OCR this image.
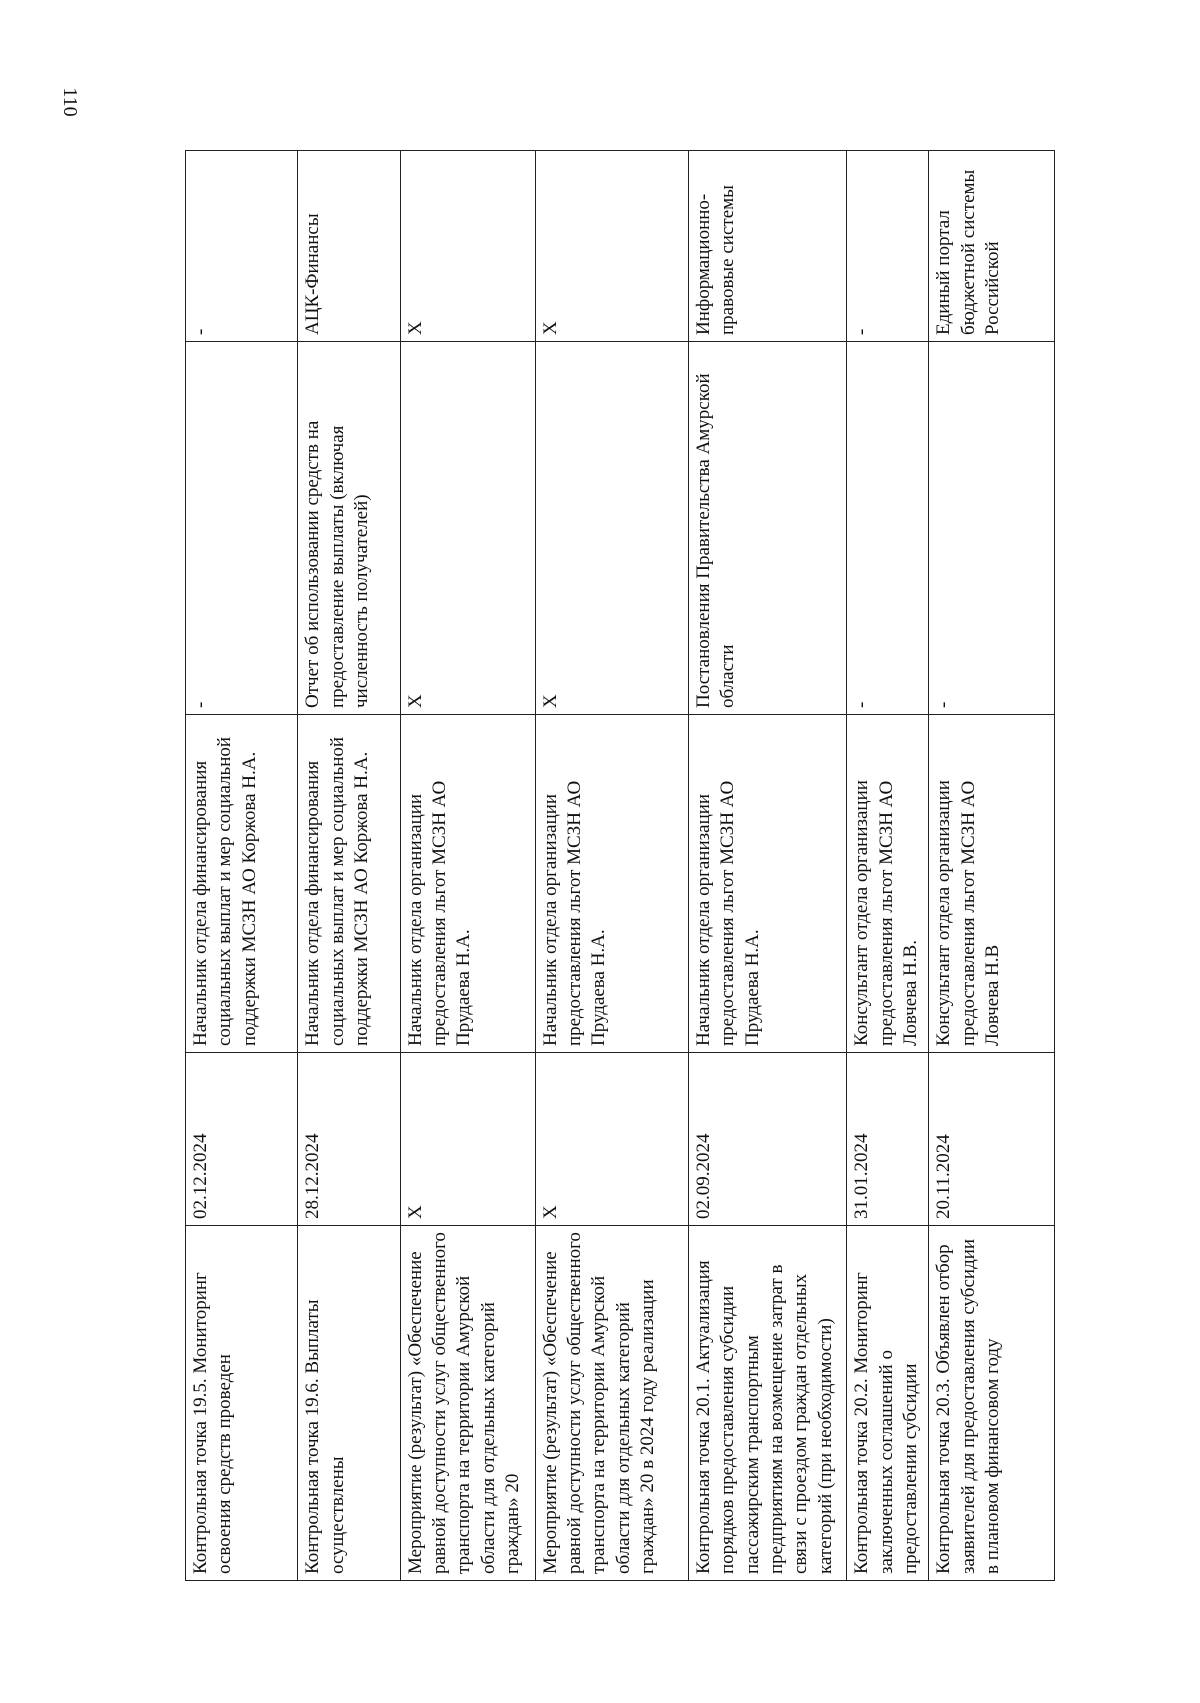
110
Контрольная точка 19.5. Мониторинг освоения средств проведен	02.12.2024	Начальник отдела финансирования социальных выплат и мер социальной поддержки МСЗН АО Коржова Н.А.	-	-
Контрольная точка 19.6. Выплаты осуществлены	28.12.2024	Начальник отдела финансирования социальных выплат и мер социальной поддержки МСЗН АО Коржова Н.А.	Отчет об использовании средств на предоставление выплаты (включая численность получателей)	АЦК-Финансы
Мероприятие (результат) «Обеспечение равной доступности услуг общественного транспорта на территории Амурской области для отдельных категорий граждан» 20	X	Начальник отдела организации предоставления льгот МСЗН АО Прудаева Н.А.	X	X
Мероприятие (результат) «Обеспечение равной доступности услуг общественного транспорта на территории Амурской области для отдельных категорий граждан» 20 в 2024 году реализации	X	Начальник отдела организации предоставления льгот МСЗН АО Прудаева Н.А.	X	X
Контрольная точка 20.1. Актуализация порядков предоставления субсидии пассажирским транспортным предприятиям на возмещение затрат в связи с проездом граждан отдельных категорий (при необходимости)	02.09.2024	Начальник отдела организации предоставления льгот МСЗН АО Прудаева Н.А.	Постановления Правительства Амурской области	Информационно-правовые системы
Контрольная точка 20.2. Мониторинг заключенных соглашений о предоставлении субсидии	31.01.2024	Консультант отдела организации предоставления льгот МСЗН АО Ловчева Н.В.	-	-
Контрольная точка 20.3. Объявлен отбор заявителей для предоставления субсидии в плановом финансовом году	20.11.2024	Консультант отдела организации предоставления льгот МСЗН АО Ловчева Н.В	-	Единый портал бюджетной системы Российской
